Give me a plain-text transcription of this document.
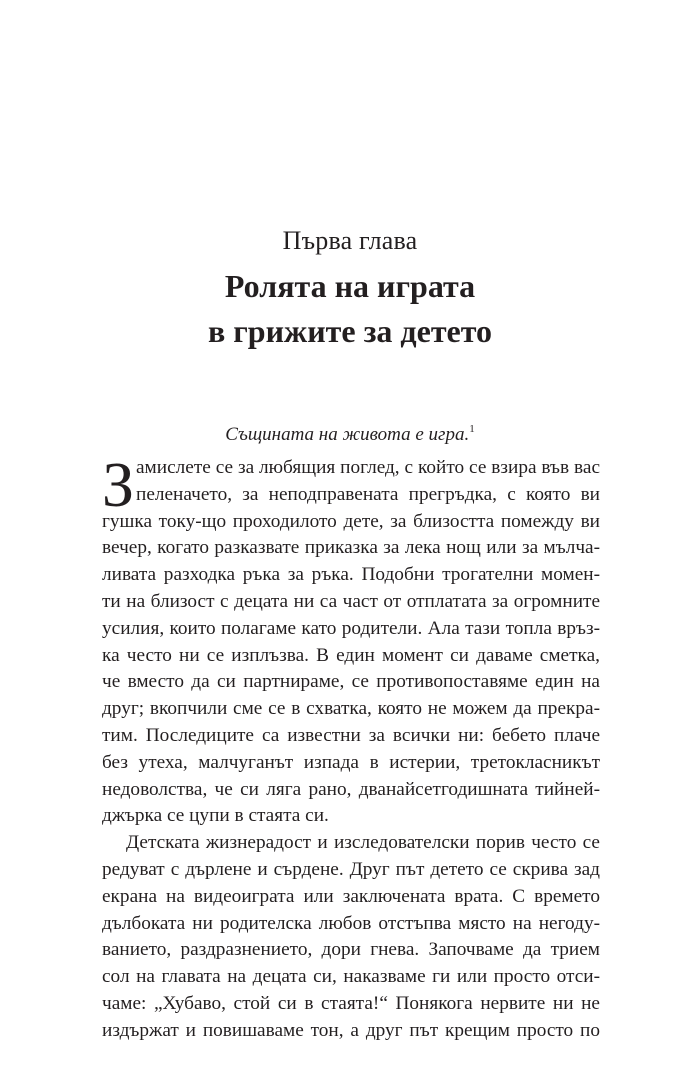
Първа глава
Ролята на играта
в грижите за детето
Същината на живота е игра.$^1$
З амислете се за любящия поглед, с който се взира във вас
пеленачето, за неподправената прегръдка, с която ви
гушка току-що проходилото дете, за близостта помежду ви
вечер, когато разказвате приказка за лека нощ или за мълча-
ливата разходка ръка за ръка. Подобни трогателни момен-
ти на близост с децата ни са част от отплатата за огромните
усилия, които полагаме като родители. Ала тази топла връз-
ка често ни се изплъзва. В един момент си даваме сметка,
че вместо да си партнираме, се противопоставяме един на
друг; вкопчили сме се в схватка, която не можем да прекра-
тим. Последиците са известни за всички ни: бебето плаче
без утеха, малчуганът изпада в истерии, третокласникът
недоволства, че си ляга рано, дванайсетгодишната тийней-
джърка се цупи в стаята си.
Детската жизнерадост и изследователски порив често се
редуват с дърлене и сърдене. Друг път детето се скрива зад
екрана на видеоиграта или заключената врата. С времето
дълбоката ни родителска любов отстъпва място на негоду-
ванието, раздразнението, дори гнева. Започваме да трием
сол на главата на децата си, наказваме ги или просто отси-
чаме: „Хубаво, стой си в стаята!“ Понякога нервите ни не
издържат и повишаваме тон, а друг път крещим просто по
